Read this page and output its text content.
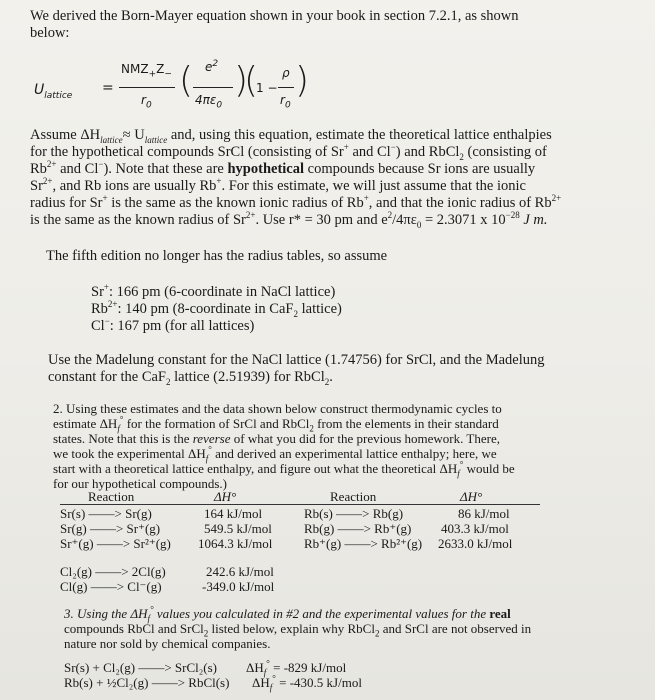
We derived the Born-Mayer equation shown in your book in section 7.2.1, as shown
below:
$U_{lattice}$ =
$NMZ_+Z_-$
$r_0$
( $e^2$
$4\pi\varepsilon_0$
)
(
1 −
ρ
$r_0$
)
Assume $\Delta H_{lattice}\approx U_{lattice}$ and, using this equation, estimate the theoretical lattice enthalpies
for the hypothetical compounds SrCl (consisting of Sr+ and Cl−) and RbCl$_2$ (consisting of
$Rb^{2+}$ and Cl−). Note that these are hypothetical compounds because Sr ions are usually
$Sr^{2+}$, and Rb ions are usually Rb+. For this estimate, we will just assume that the ionic
radius for Sr+ is the same as the known ionic radius of Rb+, and that the ionic radius of $Rb^{2+}$
is the same as the known radius of $Sr^{2+}$. Use r* = 30 pm and $e^2/4\pi\varepsilon_0 = 2.3071$ x $10^{-28}$ J m.
The fifth edition no longer has the radius tables, so assume
Sr+: 166 pm (6-coordinate in NaCl lattice)
$Rb^{2+}$: 140 pm (8-coordinate in CaF$_2$ lattice)
Cl−: 167 pm (for all lattices)
Use the Madelung constant for the NaCl lattice (1.74756) for SrCl, and the Madelung
constant for the CaF$_2$ lattice (2.51939) for RbCl$_2$.
2. Using these estimates and the data shown below construct thermodynamic cycles to
estimate $\Delta H_f^\circ$ for the formation of SrCl and RbCl$_2$ from the elements in their standard
states. Note that this is the reverse of what you did for the previous homework. There,
we took the experimental $\Delta H_f^\circ$ and derived an experimental lattice enthalpy; here, we
start with a theoretical lattice enthalpy, and figure out what the theoretical $\Delta H_f^\circ$ would be
for our hypothetical compounds.)
Reaction	ΔH°	Reaction	ΔH°
Sr(s) ——> Sr(g)	164 kJ/mol
Sr(g) ——> Sr⁺(g)	549.5 kJ/mol
Sr⁺(g) ——> Sr²⁺(g) 1064.3 kJ/mol
Rb(s) ——> Rb(g)	86 kJ/mol
Rb(g) ——> Rb⁺(g) 403.3 kJ/mol
Rb⁺(g) ——> Rb²⁺(g) 2633.0 kJ/mol
Cl₂(g) ——> 2Cl(g)	242.6 kJ/mol
Cl(g) ——> Cl⁻(g)	-349.0 kJ/mol
3. Using the $\Delta H_f^\circ$ values you calculated in #2 and the experimental values for the real
compounds RbCl and SrCl$_2$ listed below, explain why RbCl$_2$ and SrCl are not observed in
nature nor sold by chemical companies.
Sr(s) + Cl₂(g) ——> SrCl₂(s) $\Delta H_f^\circ = -829$ kJ/mol
Rb(s) + ½Cl₂(g) ——> RbCl(s) $\Delta H_f^\circ = -430.5$ kJ/mol
